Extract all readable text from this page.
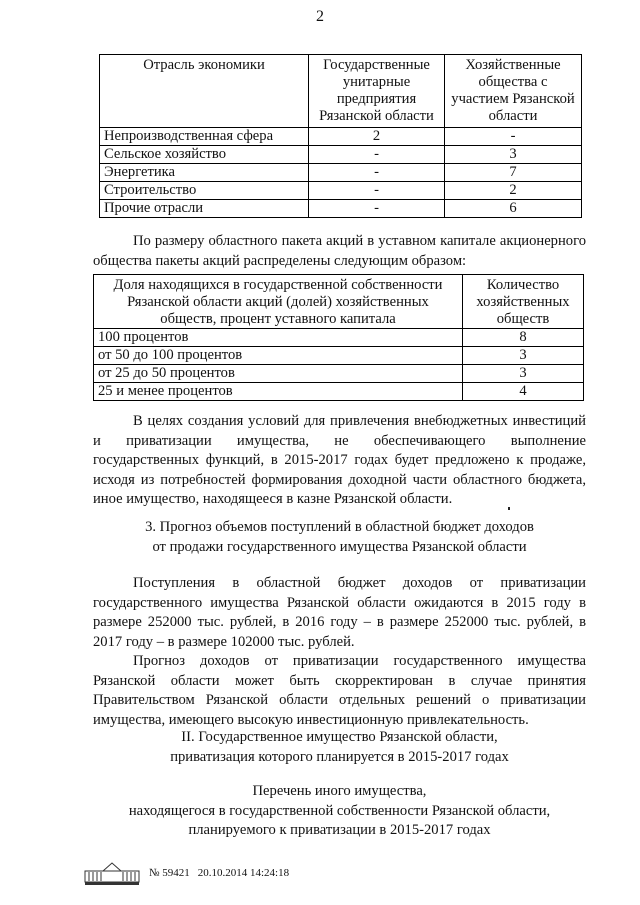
2
Отрасль экономики	Государственные унитарные предприятия Рязанской области	Хозяйственные общества с участием Рязанской области
Непроизводственная сфера	2	-
Сельское хозяйство	-	3
Энергетика	-	7
Строительство	-	2
Прочие отрасли	-	6
По размеру областного пакета акций в уставном капитале акционерного общества пакеты акций распределены следующим образом:
Доля находящихся в государственной собственности Рязанской области акций (долей) хозяйственных обществ, процент уставного капитала	Количество хозяйственных обществ
100 процентов	8
от 50 до 100 процентов	3
от 25 до 50 процентов	3
25 и менее процентов	4
В целях создания условий для привлечения внебюджетных инвестиций и приватизации имущества, не обеспечивающего выполнение государственных функций, в 2015-2017 годах будет предложено к продаже, исходя из потребностей формирования доходной части областного бюджета, иное имущество, находящееся в казне Рязанской области.
3. Прогноз объемов поступлений в областной бюджет доходов
от продажи государственного имущества Рязанской области
Поступления в областной бюджет доходов от приватизации государственного имущества Рязанской области ожидаются в 2015 году в размере 252000 тыс. рублей, в 2016 году – в размере 252000 тыс. рублей, в 2017 году – в размере 102000 тыс. рублей.
Прогноз доходов от приватизации государственного имущества Рязанской области может быть скорректирован в случае принятия Правительством Рязанской области отдельных решений о приватизации имущества, имеющего высокую инвестиционную привлекательность.
II. Государственное имущество Рязанской области,
приватизация которого планируется в 2015-2017 годах
Перечень иного имущества,
находящегося в государственной собственности Рязанской области,
планируемого к приватизации в 2015-2017 годах
№ 59421 20.10.2014 14:24:18
